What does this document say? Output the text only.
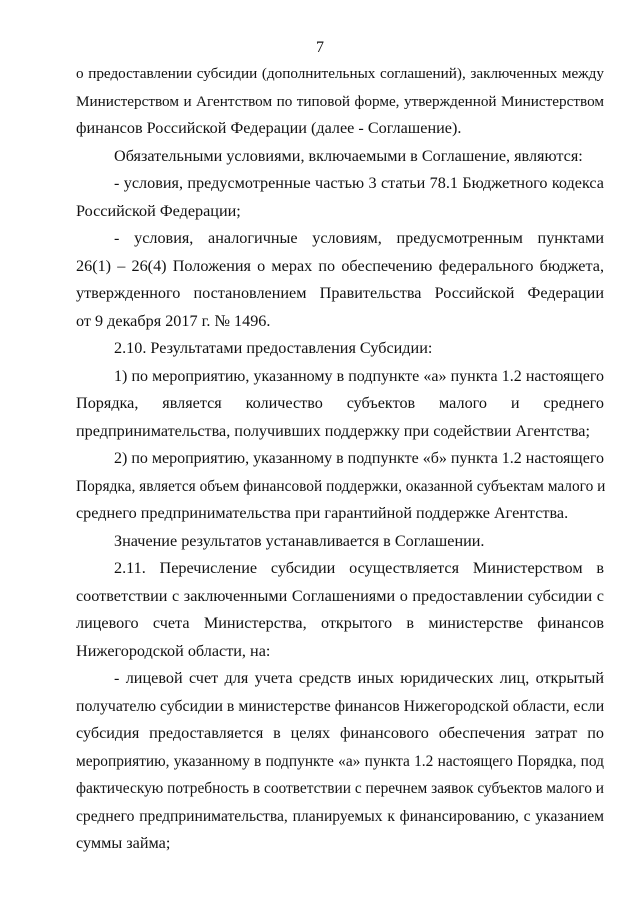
7
о предоставлении субсидии (дополнительных соглашений), заключенных между
Министерством и Агентством по типовой форме, утвержденной Министерством
финансов Российской Федерации (далее - Соглашение).
Обязательными условиями, включаемыми в Соглашение, являются:
- условия, предусмотренные частью 3 статьи 78.1 Бюджетного кодекса
Российской Федерации;
- условия, аналогичные условиям, предусмотренным пунктами
26(1) – 26(4) Положения о мерах по обеспечению федерального бюджета,
утвержденного постановлением Правительства Российской Федерации
от 9 декабря 2017 г. № 1496.
2.10. Результатами предоставления Субсидии:
1) по мероприятию, указанному в подпункте «а» пункта 1.2 настоящего
Порядка, является количество субъектов малого и среднего
предпринимательства, получивших поддержку при содействии Агентства;
2) по мероприятию, указанному в подпункте «б» пункта 1.2 настоящего
Порядка, является объем финансовой поддержки, оказанной субъектам малого и
среднего предпринимательства при гарантийной поддержке Агентства.
Значение результатов устанавливается в Соглашении.
2.11. Перечисление субсидии осуществляется Министерством в
соответствии с заключенными Соглашениями о предоставлении субсидии с
лицевого счета Министерства, открытого в министерстве финансов
Нижегородской области, на:
- лицевой счет для учета средств иных юридических лиц, открытый
получателю субсидии в министерстве финансов Нижегородской области, если
субсидия предоставляется в целях финансового обеспечения затрат по
мероприятию, указанному в подпункте «а» пункта 1.2 настоящего Порядка, под
фактическую потребность в соответствии с перечнем заявок субъектов малого и
среднего предпринимательства, планируемых к финансированию, с указанием
суммы займа;
